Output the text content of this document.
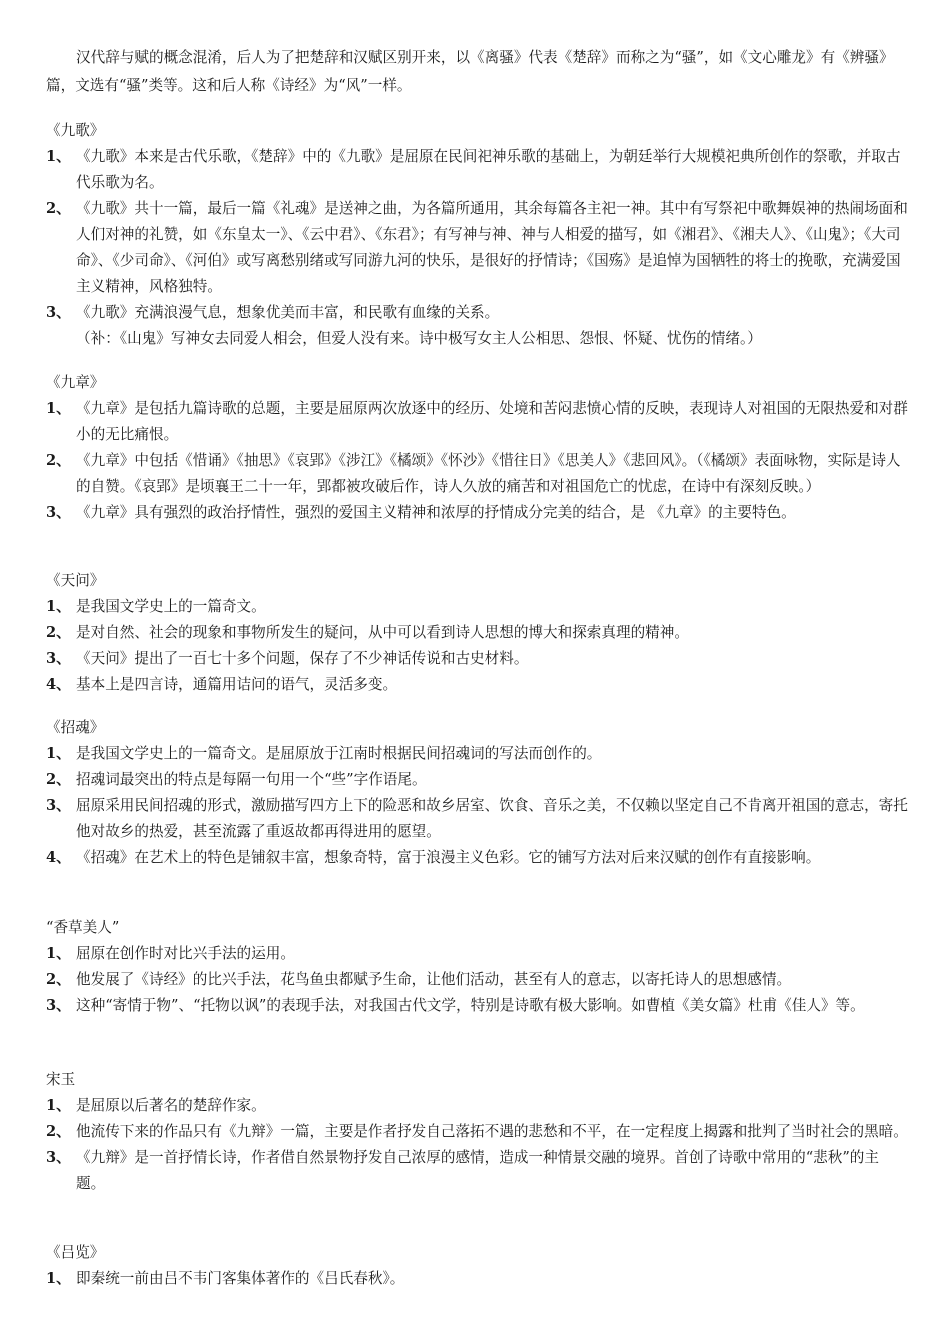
汉代辞与赋的概念混淆，后人为了把楚辞和汉赋区别开来，以《离骚》代表《楚辞》而称之为“骚”，如《文心雕龙》有《辨骚》篇，文选有“骚”类等。这和后人称《诗经》为“风”一样。

《九歌》

1、 《九歌》本来是古代乐歌，《楚辞》中的《九歌》是屈原在民间祀神乐歌的基础上，为朝廷举行大规模祀典所创作的祭歌，并取古代乐歌为名。

2、 《九歌》共十一篇，最后一篇《礼魂》是送神之曲，为各篇所通用，其余每篇各主祀一神。其中有写祭祀中歌舞娱神的热闹场面和人们对神的礼赞，如《东皇太一》、《云中君》、《东君》；有写神与神、神与人相爱的描写，如《湘君》、《湘夫人》、《山鬼》；《大司命》、《少司命》、《河伯》或写离愁别绪或写同游九河的快乐，是很好的抒情诗；《国殇》是追悼为国牺牲的将士的挽歌，充满爱国主义精神，风格独特。

3、 《九歌》充满浪漫气息，想象优美而丰富，和民歌有血缘的关系。

（补：《山鬼》写神女去同爱人相会，但爱人没有来。诗中极写女主人公相思、怨恨、怀疑、忧伤的情绪。）

《九章》

1、 《九章》是包括九篇诗歌的总题，主要是屈原两次放逐中的经历、处境和苦闷悲愤心情的反映，表现诗人对祖国的无限热爱和对群小的无比痛恨。

2、 《九章》中包括《惜诵》《抽思》《哀郢》《涉江》《橘颂》《怀沙》《惜往日》《思美人》《悲回风》。（《橘颂》表面咏物，实际是诗人的自赞。《哀郢》是顷襄王二十一年，郢都被攻破后作，诗人久放的痛苦和对祖国危亡的忧虑，在诗中有深刻反映。）

3、 《九章》具有强烈的政治抒情性，强烈的爱国主义精神和浓厚的抒情成分完美的结合，是 《九章》的主要特色。

《天问》

1、 是我国文学史上的一篇奇文。

2、 是对自然、社会的现象和事物所发生的疑问，从中可以看到诗人思想的博大和探索真理的精神。

3、 《天问》提出了一百七十多个问题，保存了不少神话传说和古史材料。

4、 基本上是四言诗，通篇用诘问的语气，灵活多变。

《招魂》

1、 是我国文学史上的一篇奇文。是屈原放于江南时根据民间招魂词的写法而创作的。

2、 招魂词最突出的特点是每隔一句用一个“些”字作语尾。

3、 屈原采用民间招魂的形式，激励描写四方上下的险恶和故乡居室、饮食、音乐之美，不仅赖以坚定自己不肯离开祖国的意志，寄托他对故乡的热爱，甚至流露了重返故都再得进用的愿望。

4、 《招魂》在艺术上的特色是铺叙丰富，想象奇特，富于浪漫主义色彩。它的铺写方法对后来汉赋的创作有直接影响。

“香草美人”

1、 屈原在创作时对比兴手法的运用。

2、 他发展了《诗经》的比兴手法，花鸟鱼虫都赋予生命，让他们活动，甚至有人的意志，以寄托诗人的思想感情。

3、 这种“寄情于物”、“托物以讽”的表现手法，对我国古代文学，特别是诗歌有极大影响。如曹植《美女篇》杜甫《佳人》等。

宋玉

1、 是屈原以后著名的楚辞作家。

2、 他流传下来的作品只有《九辩》一篇，主要是作者抒发自己落拓不遇的悲愁和不平，在一定程度上揭露和批判了当时社会的黑暗。

3、 《九辩》是一首抒情长诗，作者借自然景物抒发自己浓厚的感情，造成一种情景交融的境界。首创了诗歌中常用的“悲秋”的主题。

《吕览》

1、 即秦统一前由吕不韦门客集体著作的《吕氏春秋》。
